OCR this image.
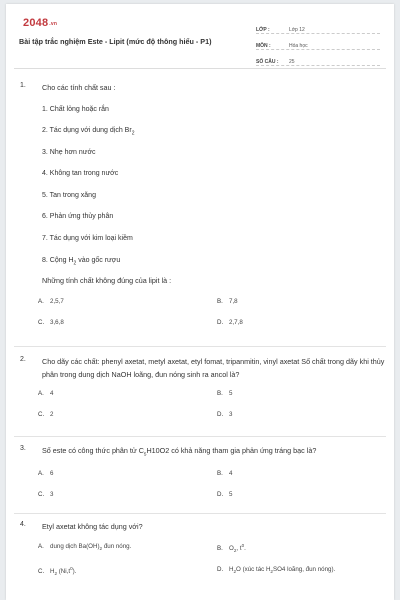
$2048_{.vn}$
Bài tập trắc nghiệm Este - Lipit (mức độ thông hiểu - P1)
LỚP :	Lớp 12
MÔN :	Hóa học
SỐ CÂU :	25
1.	Cho các tính chất sau :
1. Chất lỏng hoặc rắn
2. Tác dụng với dung dịch $Br_2$
3. Nhẹ hơn nước
4. Không tan trong nước
5. Tan trong xăng
6. Phản ứng thủy phân
7. Tác dụng với kim loại kiềm
8. Cộng $H_2$ vào gốc rượu
Những tính chất không đúng của lipit là :
A. 2,5,7	B. 7,8
C. 3,6,8	D. 2,7,8
2.	Cho dãy các chất: phenyl axetat, metyl axetat, etyl fomat, tripanmitin, vinyl axetat Số chất trong dãy khi thủy phân trong dung dịch NaOH loãng, đun nóng sinh ra ancol là?
A. 4	B. 5
C. 2	D. 3
3.	Số este có công thức phân tử $C_5H10O2$ có khả năng tham gia phản ứng tráng bạc là?
A. 6	B. 4
C. 3	D. 5
4.	Etyl axetat không tác dụng với?
A. dung dịch $Ba(OH)_2$ đun nóng.	B. $O_2$, $t^0$.
C. $H_2$ $(Ni,t^0)$.	D. $H_2O$ (xúc tác $H_2SO4$ loãng, đun nóng).
